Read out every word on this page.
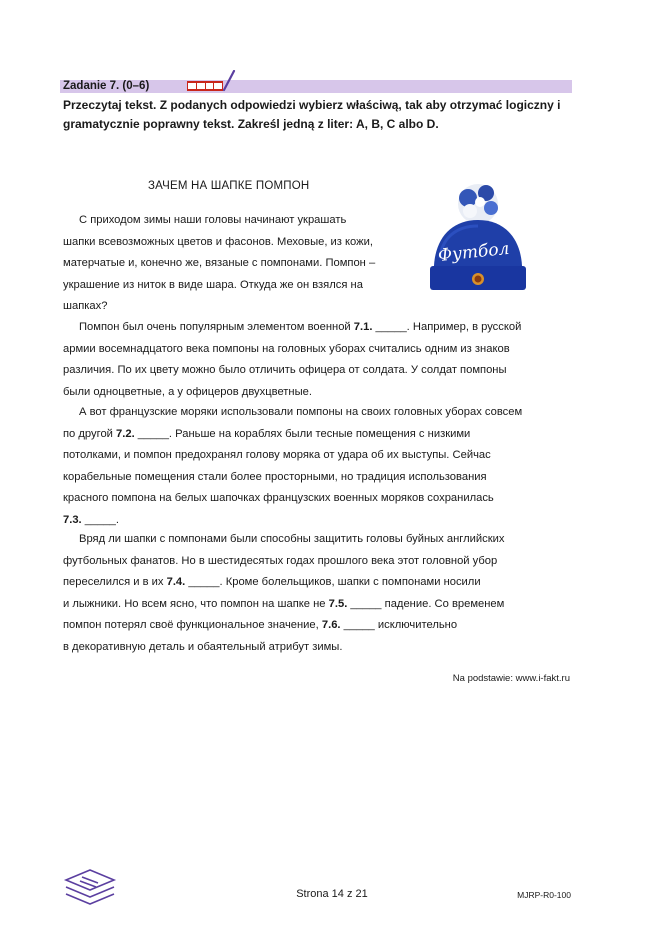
Zadanie 7. (0–6)
Przeczytaj tekst. Z podanych odpowiedzi wybierz właściwą, tak aby otrzymać logiczny i gramatycznie poprawny tekst. Zakreśl jedną z liter: A, B, C albo D.
ЗАЧЕМ НА ШАПКЕ ПОМПОН
Футбол

С приходом зимы наши головы начинают украшать

шапки всевозможных цветов и фасонов. Меховые, из кожи,

матерчатые и, конечно же, вязаные с помпонами. Помпон –

украшение из ниток в виде шара. Откуда же он взялся на

шапках?

Помпон был очень популярным элементом военной 7.1. _____. Например, в русской

армии восемнадцатого века помпоны на головных уборах считались одним из знаков

различия. По их цвету можно было отличить офицера от солдата. У солдат помпоны

были одноцветные, а у офицеров двухцветные.

А вот французские моряки использовали помпоны на своих головных уборах совсем

по другой 7.2. _____. Раньше на кораблях были тесные помещения с низкими

потолками, и помпон предохранял голову моряка от удара об их выступы. Сейчас

корабельные помещения стали более просторными, но традиция использования

красного помпона на белых шапочках французских военных моряков сохранилась

7.3. _____.

Вряд ли шапки с помпонами были способны защитить головы буйных английских

футбольных фанатов. Но в шестидесятых годах прошлого века этот головной убор

переселился и в их 7.4. _____. Кроме болельщиков, шапки с помпонами носили

и лыжники. Но всем ясно, что помпон на шапке не 7.5. _____ падение. Со временем

помпон потерял своё функциональное значение, 7.6. _____ исключительно

в декоративную деталь и обаятельный атрибут зимы.

Na podstawie: www.i-fakt.ru
Strona 14 z 21	MJRP-R0-100
